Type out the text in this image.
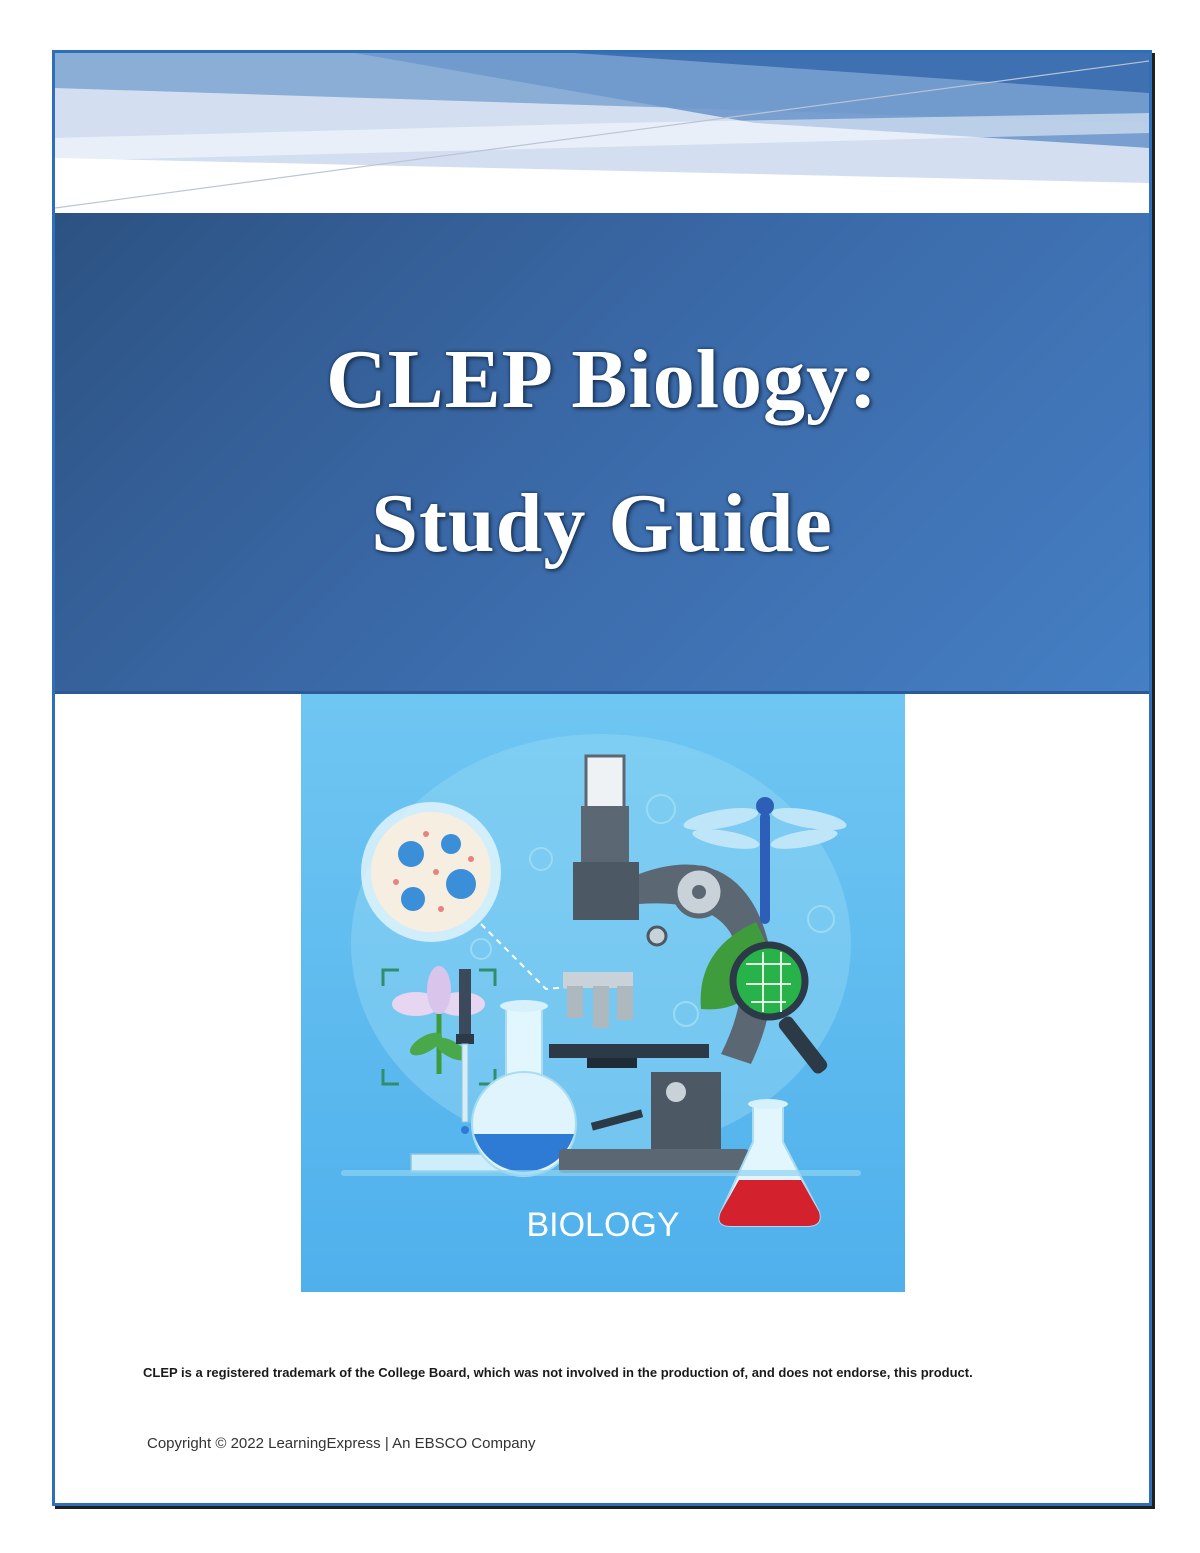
CLEP Biology:
Study Guide
BIOLOGY
CLEP is a registered trademark of the College Board, which was not involved in the production of, and does not endorse, this product.
Copyright © 2022 LearningExpress | An EBSCO Company
